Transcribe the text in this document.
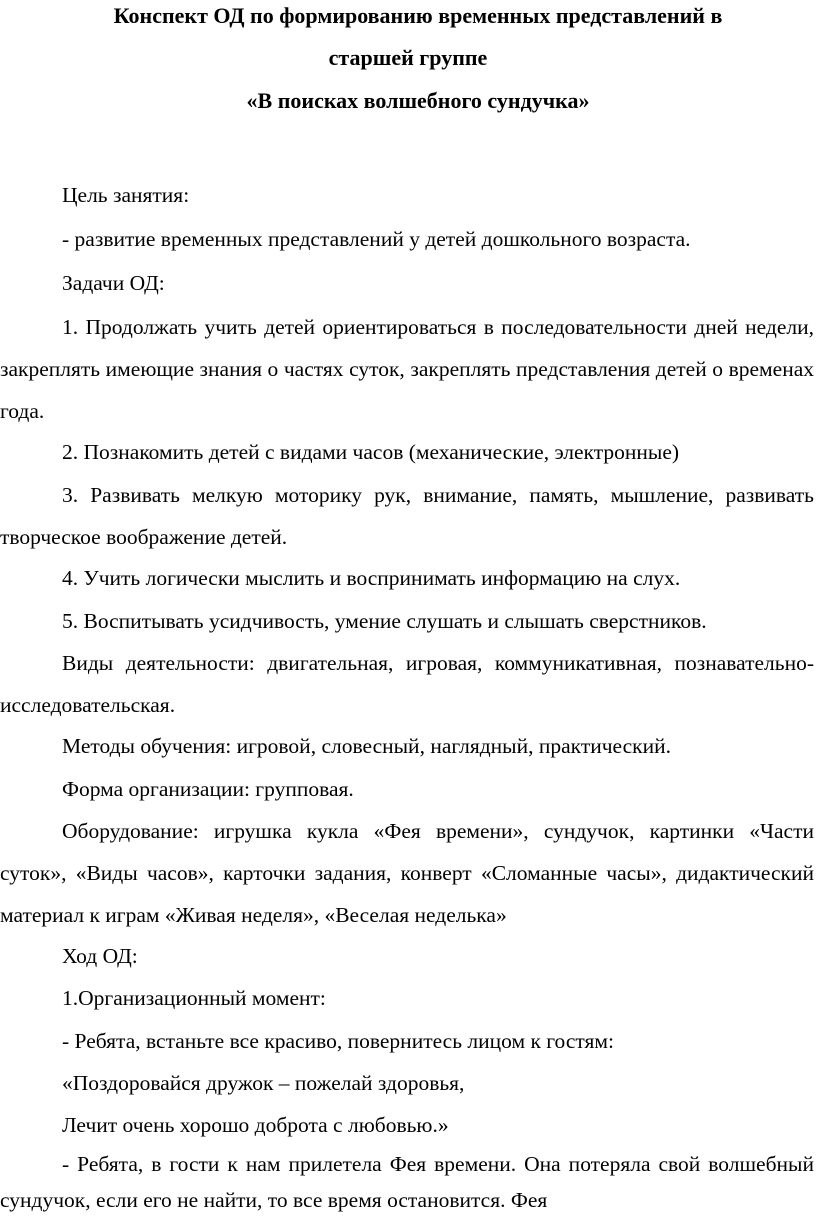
Конспект ОД по формированию временных представлений в
старшей группе
«В поисках волшебного сундучка»
Цель занятия:
- развитие временных представлений у детей дошкольного возраста.
Задачи ОД:
1. Продолжать учить детей ориентироваться в последовательности дней недели, закреплять имеющие знания о частях суток, закреплять представления детей о временах года.
2. Познакомить детей с видами часов (механические, электронные)
3. Развивать мелкую моторику рук, внимание, память, мышление, развивать творческое воображение детей.
4. Учить логически мыслить и воспринимать информацию на слух.
5. Воспитывать усидчивость, умение слушать и слышать сверстников.
Виды деятельности: двигательная, игровая, коммуникативная, познавательно-исследовательская.
Методы обучения: игровой, словесный, наглядный, практический.
Форма организации: групповая.
Оборудование: игрушка кукла «Фея времени», сундучок, картинки «Части суток», «Виды часов», карточки задания, конверт «Сломанные часы», дидактический материал к играм «Живая неделя», «Веселая неделька»
Ход ОД:
1.Организационный момент:
- Ребята, встаньте все красиво, повернитесь лицом к гостям:
«Поздоровайся дружок – пожелай здоровья,
Лечит очень хорошо доброта с любовью.»
- Ребята, в гости к нам прилетела Фея времени. Она потеряла свой волшебный сундучок, если его не найти, то все время остановится. Фея
